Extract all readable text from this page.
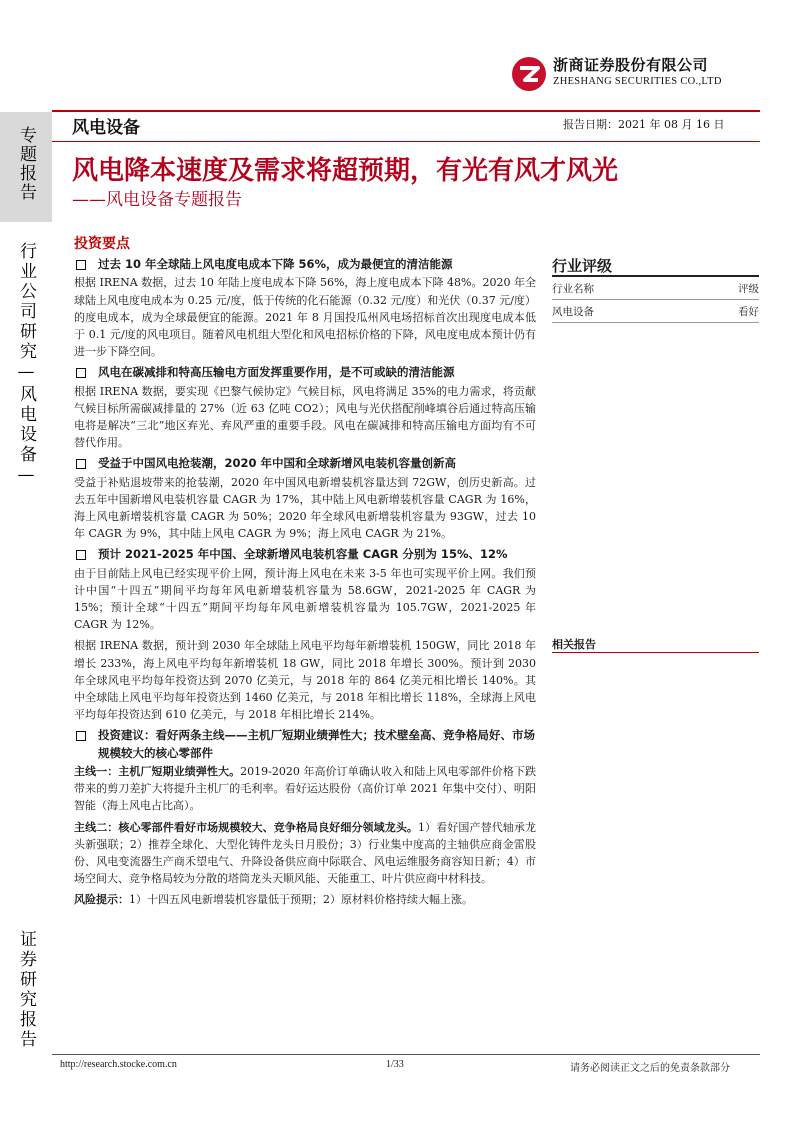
专题报告
行业公司研究—风电设备—
证券研究报告
浙商证券股份有限公司
ZHESHANG SECURITIES CO.,LTD
风电设备	报告日期：2021 年 08 月 16 日
风电降本速度及需求将超预期，有光有风才风光
——风电设备专题报告
投资要点
过去 10 年全球陆上风电度电成本下降 56%，成为最便宜的清洁能源

根据 IRENA 数据，过去 10 年陆上度电成本下降 56%，海上度电成本下降 48%。2020 年全球陆上风电度电成本为 0.25 元/度，低于传统的化石能源（0.32 元/度）和光伏（0.37 元/度）的度电成本，成为全球最便宜的能源。2021 年 8 月国投瓜州风电场招标首次出现度电成本低于 0.1 元/度的风电项目。随着风电机组大型化和风电招标价格的下降，风电度电成本预计仍有进一步下降空间。

风电在碳减排和特高压输电方面发挥重要作用，是不可或缺的清洁能源

根据 IRENA 数据，要实现《巴黎气候协定》气候目标，风电将满足 35%的电力需求，将贡献气候目标所需碳减排量的 27%（近 63 亿吨 CO2）；风电与光伏搭配削峰填谷后通过特高压输电将是解决“三北”地区弃光、弃风严重的重要手段。风电在碳减排和特高压输电方面均有不可替代作用。

受益于中国风电抢装潮，2020 年中国和全球新增风电装机容量创新高

受益于补贴退坡带来的抢装潮，2020 年中国风电新增装机容量达到 72GW，创历史新高。过去五年中国新增风电装机容量 CAGR 为 17%，其中陆上风电新增装机容量 CAGR 为 16%，海上风电新增装机容量 CAGR 为 50%；2020 年全球风电新增装机容量为 93GW，过去 10 年 CAGR 为 9%，其中陆上风电 CAGR 为 9%；海上风电 CAGR 为 21%。

预计 2021-2025 年中国、全球新增风电装机容量 CAGR 分别为 15%、12%

由于目前陆上风电已经实现平价上网，预计海上风电在未来 3-5 年也可实现平价上网。我们预计中国“十四五”期间平均每年风电新增装机容量为 58.6GW，2021-2025 年 CAGR 为 15%；预计全球“十四五”期间平均每年风电新增装机容量为 105.7GW，2021-2025 年 CAGR 为 12%。

根据 IRENA 数据，预计到 2030 年全球陆上风电平均每年新增装机 150GW，同比 2018 年增长 233%，海上风电平均每年新增装机 18 GW，同比 2018 年增长 300%。预计到 2030 年全球风电平均每年投资达到 2070 亿美元，与 2018 年的 864 亿美元相比增长 140%。其中全球陆上风电平均每年投资达到 1460 亿美元，与 2018 年相比增长 118%，全球海上风电平均每年投资达到 610 亿美元，与 2018 年相比增长 214%。

投资建议：看好两条主线——主机厂短期业绩弹性大；技术壁垒高、竞争格局好、市场规模较大的核心零部件

主线一：主机厂短期业绩弹性大。2019-2020 年高价订单确认收入和陆上风电零部件价格下跌带来的剪刀差扩大将提升主机厂的毛利率。看好运达股份（高价订单 2021 年集中交付）、明阳智能（海上风电占比高）。

主线二：核心零部件看好市场规模较大、竞争格局良好细分领域龙头。1）看好国产替代轴承龙头新强联；2）推荐全球化、大型化铸件龙头日月股份；3）行业集中度高的主轴供应商金雷股份、风电变流器生产商禾望电气、升降设备供应商中际联合、风电运维服务商容知日新；4）市场空间大、竞争格局较为分散的塔筒龙头天顺风能、天能重工、叶片供应商中材科技。

风险提示：1）十四五风电新增装机容量低于预期；2）原材料价格持续大幅上涨。

行业评级
行业名称	评级
风电设备	看好
相关报告
http://research.stocke.com.cn	1/33	请务必阅读正文之后的免责条款部分
